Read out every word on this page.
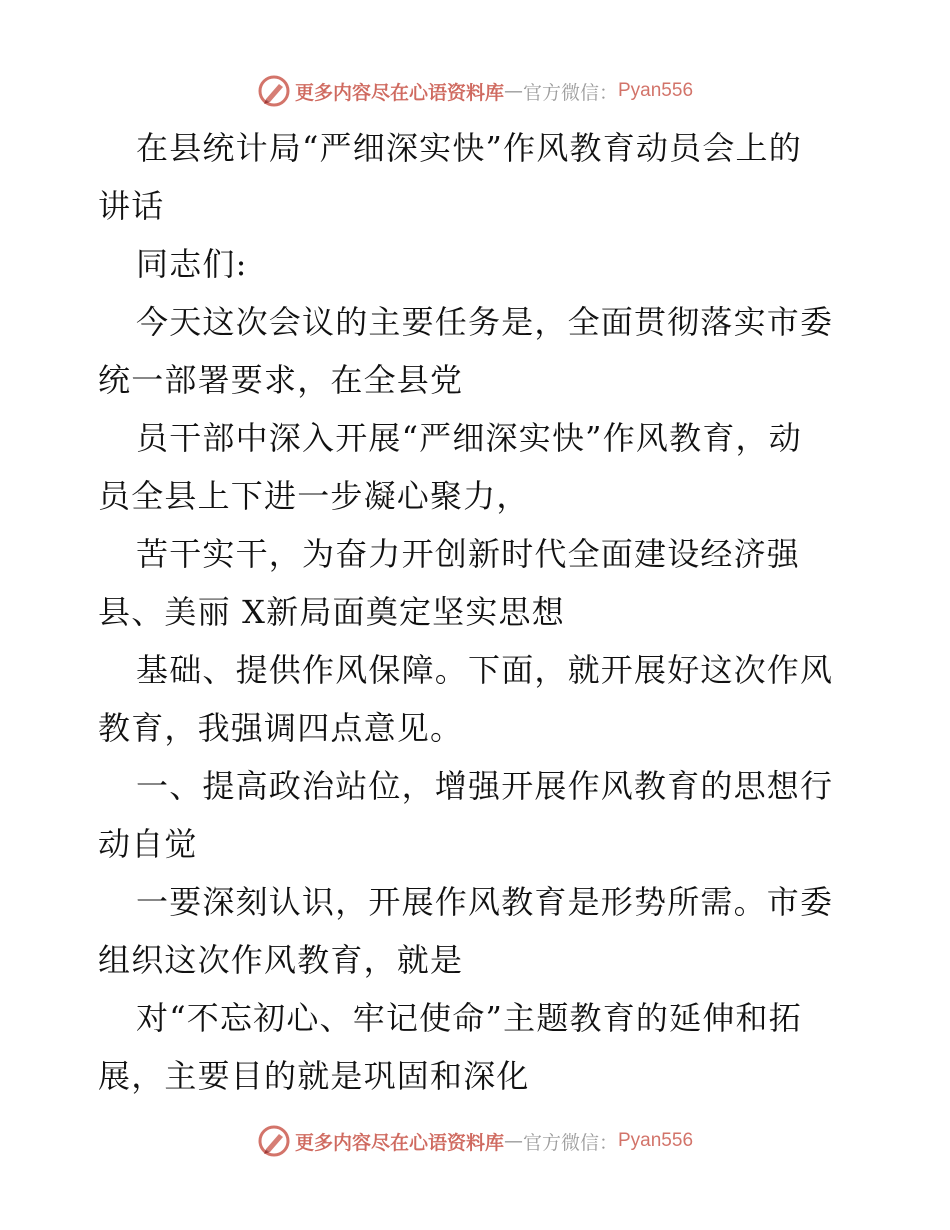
更多内容尽在心语资料库 — 官方微信： Pyan556
在县统计局“严细深实快”作风教育动员会上的
讲话
同志们:
今天这次会议的主要任务是，全面贯彻落实市委
统一部署要求，在全县党
员干部中深入开展“严细深实快”作风教育，动
员全县上下进一步凝心聚力，
苦干实干，为奋力开创新时代全面建设经济强
县、美丽 X新局面奠定坚实思想
基础、提供作风保障。下面，就开展好这次作风
教育，我强调四点意见。
一、提高政治站位，增强开展作风教育的思想行
动自觉
一要深刻认识，开展作风教育是形势所需。市委
组织这次作风教育，就是
对“不忘初心、牢记使命”主题教育的延伸和拓
展，主要目的就是巩固和深化
更多内容尽在心语资料库 — 官方微信： Pyan556
